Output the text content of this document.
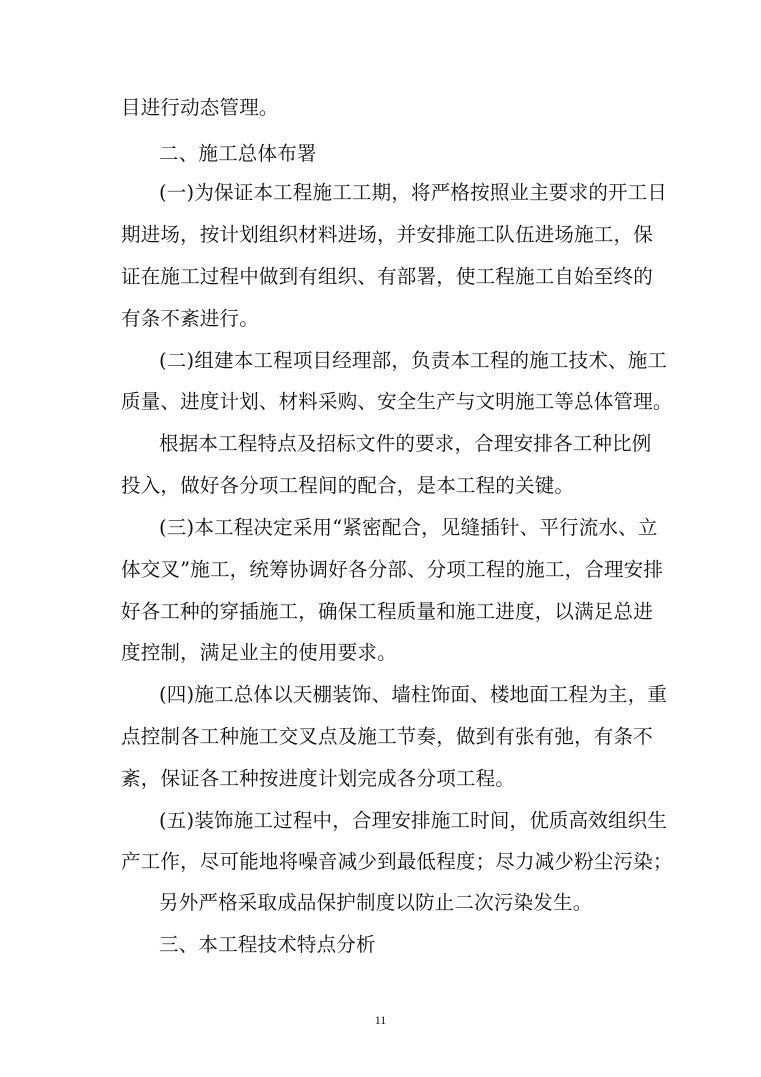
目进行动态管理。
二、施工总体布署
(一)为保证本工程施工工期，将严格按照业主要求的开工日
期进场，按计划组织材料进场，并安排施工队伍进场施工，保
证在施工过程中做到有组织、有部署，使工程施工自始至终的
有条不紊进行。
(二)组建本工程项目经理部，负责本工程的施工技术、施工
质量、进度计划、材料采购、安全生产与文明施工等总体管理。
根据本工程特点及招标文件的要求，合理安排各工种比例
投入，做好各分项工程间的配合，是本工程的关键。
(三)本工程决定采用“紧密配合，见缝插针、平行流水、立
体交叉”施工，统筹协调好各分部、分项工程的施工，合理安排
好各工种的穿插施工，确保工程质量和施工进度，以满足总进
度控制，满足业主的使用要求。
(四)施工总体以天棚装饰、墙柱饰面、楼地面工程为主，重
点控制各工种施工交叉点及施工节奏，做到有张有弛，有条不
紊，保证各工种按进度计划完成各分项工程。
(五)装饰施工过程中，合理安排施工时间，优质高效组织生
产工作，尽可能地将噪音减少到最低程度；尽力减少粉尘污染；
另外严格采取成品保护制度以防止二次污染发生。
三、本工程技术特点分析
11
